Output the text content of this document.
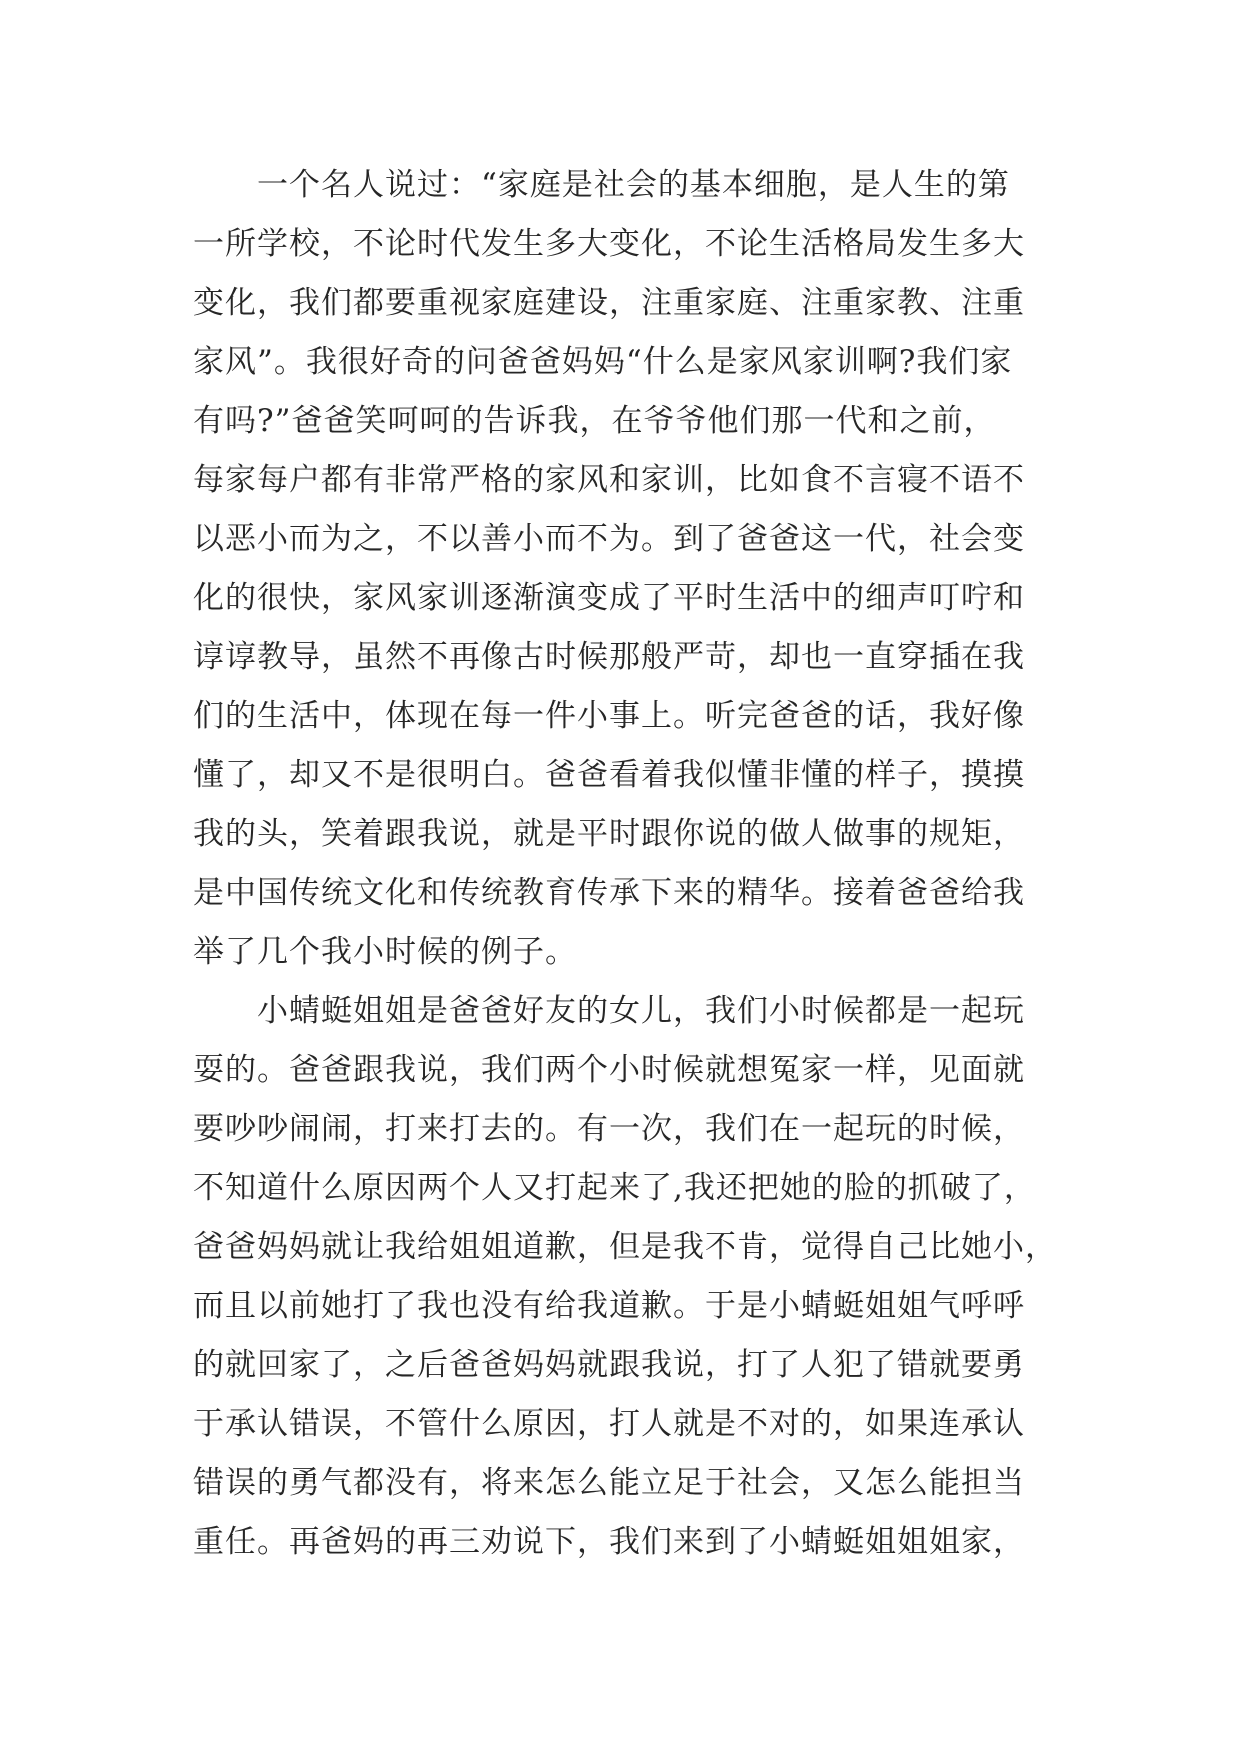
一个名人说过：“家庭是社会的基本细胞，是人生的第
一所学校，不论时代发生多大变化，不论生活格局发生多大
变化，我们都要重视家庭建设，注重家庭、注重家教、注重
家风”。我很好奇的问爸爸妈妈“什么是家风家训啊?我们家
有吗?”爸爸笑呵呵的告诉我，在爷爷他们那一代和之前，
每家每户都有非常严格的家风和家训，比如食不言寝不语不
以恶小而为之，不以善小而不为。到了爸爸这一代，社会变
化的很快，家风家训逐渐演变成了平时生活中的细声叮咛和
谆谆教导，虽然不再像古时候那般严苛，却也一直穿插在我
们的生活中，体现在每一件小事上。听完爸爸的话，我好像
懂了，却又不是很明白。爸爸看着我似懂非懂的样子，摸摸
我的头，笑着跟我说，就是平时跟你说的做人做事的规矩，
是中国传统文化和传统教育传承下来的精华。接着爸爸给我
举了几个我小时候的例子。
小蜻蜓姐姐是爸爸好友的女儿，我们小时候都是一起玩
耍的。爸爸跟我说，我们两个小时候就想冤家一样，见面就
要吵吵闹闹，打来打去的。有一次，我们在一起玩的时候，
不知道什么原因两个人又打起来了,我还把她的脸的抓破了，
爸爸妈妈就让我给姐姐道歉，但是我不肯，觉得自己比她小，
而且以前她打了我也没有给我道歉。于是小蜻蜓姐姐气呼呼
的就回家了，之后爸爸妈妈就跟我说，打了人犯了错就要勇
于承认错误，不管什么原因，打人就是不对的，如果连承认
错误的勇气都没有，将来怎么能立足于社会，又怎么能担当
重任。再爸妈的再三劝说下，我们来到了小蜻蜓姐姐姐家，
